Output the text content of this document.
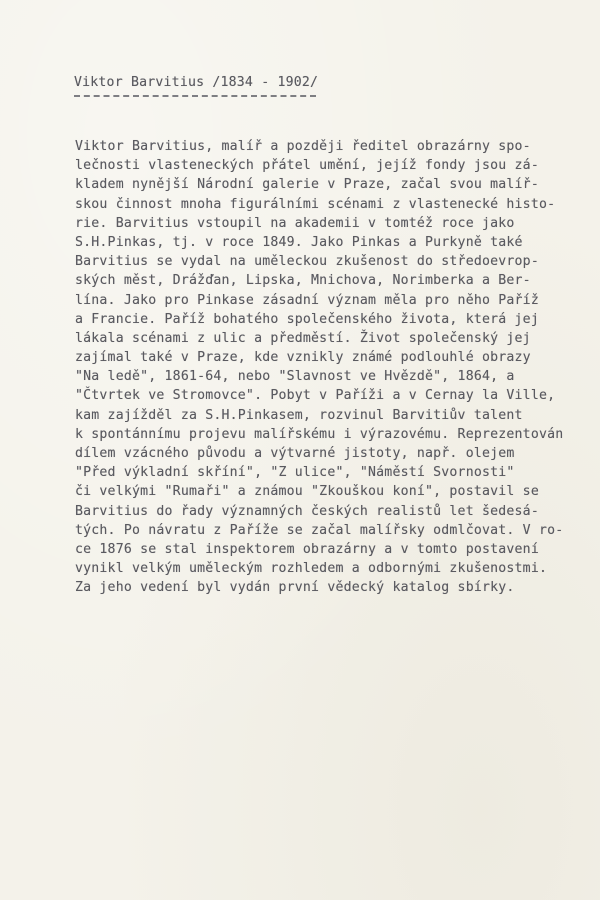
Viktor Barvitius /1834 - 1902/
Viktor Barvitius, malíř a později ředitel obrazárny spo-
lečnosti vlasteneckých přátel umění, jejíž fondy jsou zá-
kladem nynější Národní galerie v Praze, začal svou malíř-
skou činnost mnoha figurálními scénami z vlastenecké histo-
rie. Barvitius vstoupil na akademii v tomtéž roce jako
S.H.Pinkas, tj. v roce 1849. Jako Pinkas a Purkyně také
Barvitius se vydal na uměleckou zkušenost do středoevrop-
ských měst, Drážďan, Lipska, Mnichova, Norimberka a Ber-
lína. Jako pro Pinkase zásadní význam měla pro něho Paříž
a Francie. Paříž bohatého společenského života, která jej
lákala scénami z ulic a předměstí. Život společenský jej
zajímal také v Praze, kde vznikly známé podlouhlé obrazy
"Na ledě", 1861-64, nebo "Slavnost ve Hvězdě", 1864, a
"Čtvrtek ve Stromovce". Pobyt v Paříži a v Cernay la Ville,
kam zajížděl za S.H.Pinkasem, rozvinul Barvitiův talent
k spontánnímu projevu malířskému i výrazovému. Reprezentován
dílem vzácného původu a výtvarné jistoty, např. olejem
"Před výkladní skříní", "Z ulice", "Náměstí Svornosti"
či velkými "Rumaři" a známou "Zkouškou koní", postavil se
Barvitius do řady významných českých realistů let šedesá-
tých. Po návratu z Paříže se začal malířsky odmlčovat. V ro-
ce 1876 se stal inspektorem obrazárny a v tomto postavení
vynikl velkým uměleckým rozhledem a odbornými zkušenostmi.
Za jeho vedení byl vydán první vědecký katalog sbírky.
